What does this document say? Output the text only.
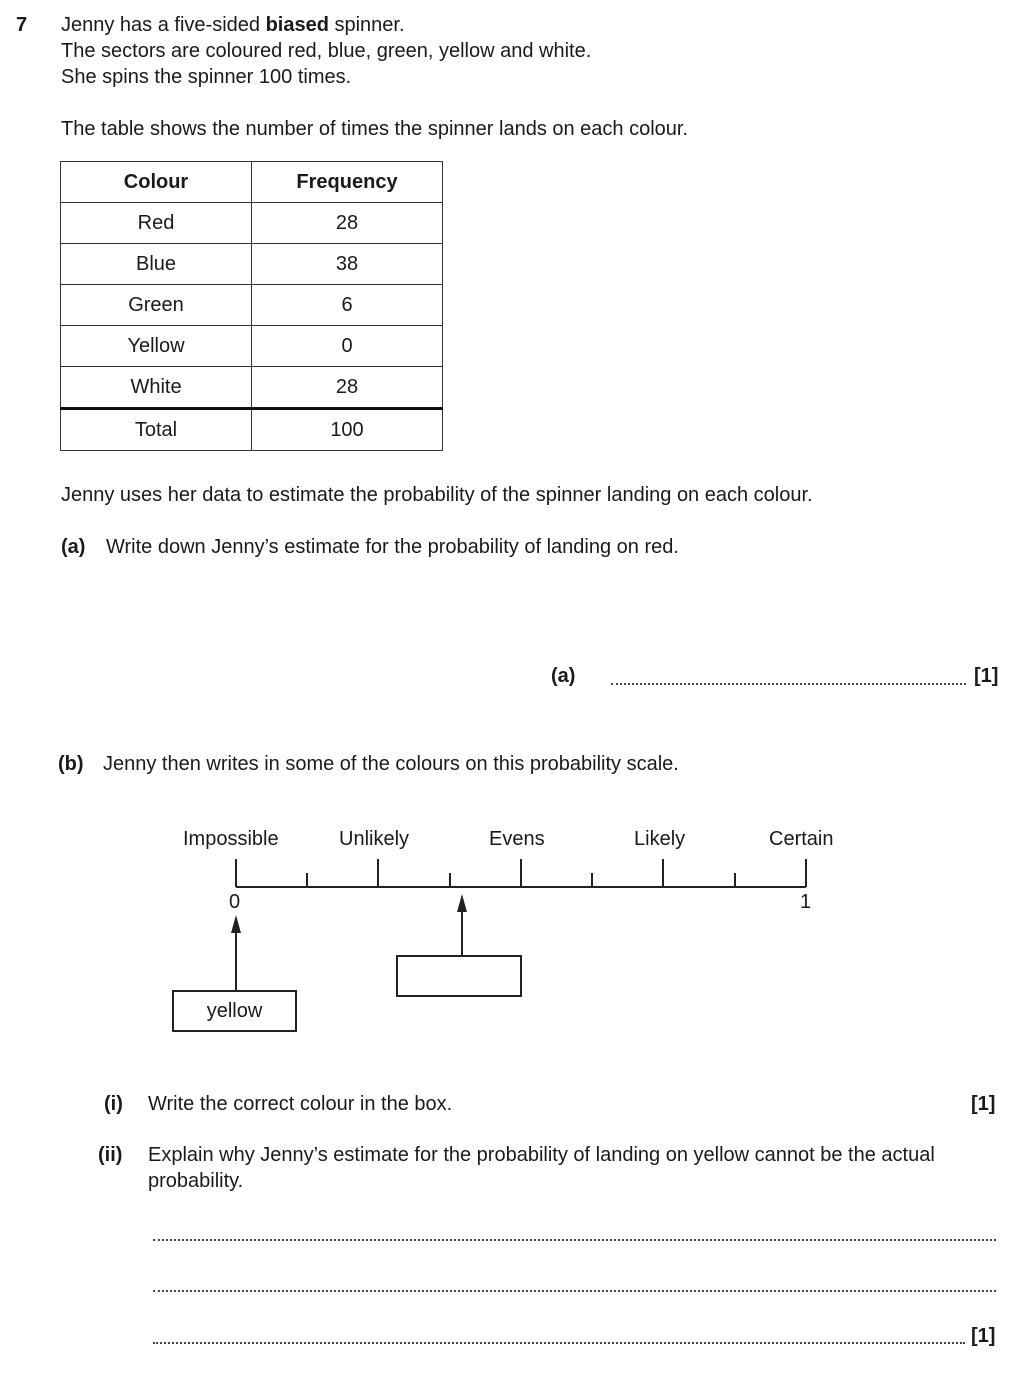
7 Jenny has a five-sided biased spinner.
The sectors are coloured red, blue, green, yellow and white.
She spins the spinner 100 times.
The table shows the number of times the spinner lands on each colour.
Colour	Frequency
Red	28
Blue	38
Green	6
Yellow	0
White	28
Total	100
Jenny uses her data to estimate the probability of the spinner landing on each colour.
(a) Write down Jenny’s estimate for the probability of landing on red.
(a)	[1]
(b) Jenny then writes in some of the colours on this probability scale.
Impossible	Unlikely	Evens	Likely	Certain
0	1
yellow
(i) Write the correct colour in the box.	[1]
(ii) Explain why Jenny’s estimate for the probability of landing on yellow cannot be the actual
probability.
[1]
